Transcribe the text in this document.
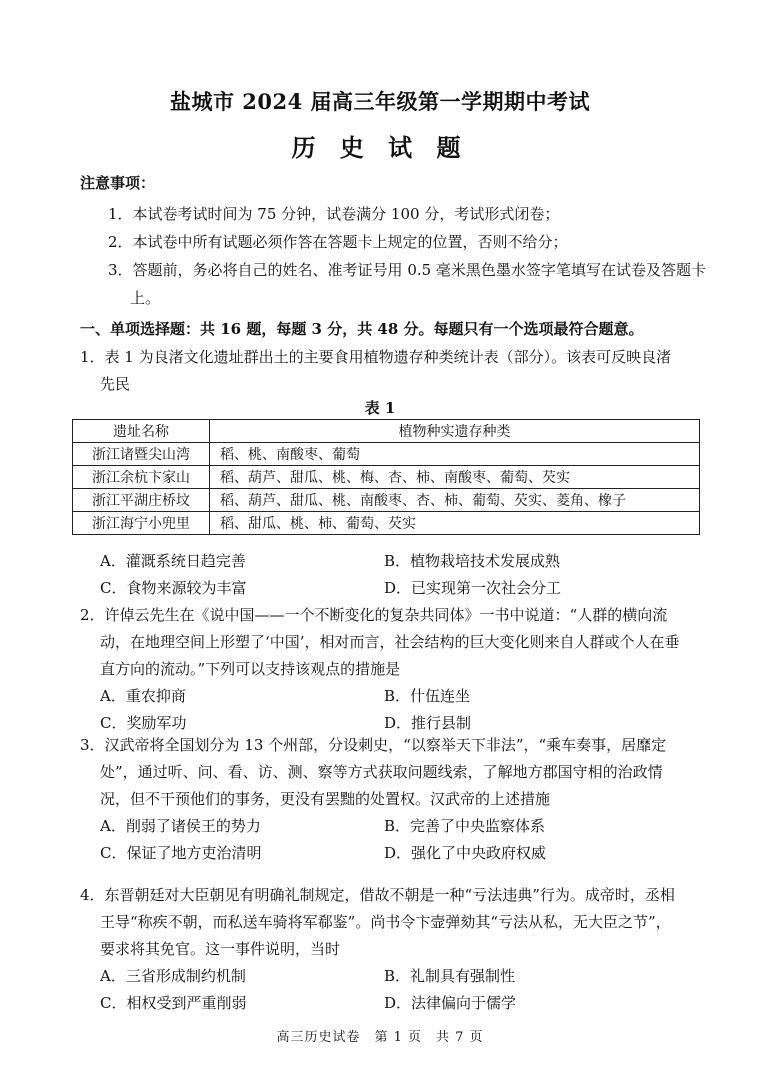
盐城市 2024 届高三年级第一学期期中考试
历 史 试 题
注意事项：
1．本试卷考试时间为 75 分钟，试卷满分 100 分，考试形式闭卷；
2．本试卷中所有试题必须作答在答题卡上规定的位置，否则不给分；
3．答题前，务必将自己的姓名、准考证号用 0.5 毫米黑色墨水签字笔填写在试卷及答题卡上。
一、单项选择题：共 16 题，每题 3 分，共 48 分。每题只有一个选项最符合题意。
1．表 1 为良渚文化遗址群出土的主要食用植物遗存种类统计表（部分）。该表可反映良渚先民
表 1
遗址名称	植物种实遗存种类
浙江诸暨尖山湾	稻、桃、南酸枣、葡萄
浙江余杭卞家山	稻、葫芦、甜瓜、桃、梅、杏、柿、南酸枣、葡萄、芡实
浙江平湖庄桥坟	稻、葫芦、甜瓜、桃、南酸枣、杏、柿、葡萄、芡实、菱角、橡子
浙江海宁小兜里	稻、甜瓜、桃、柿、葡萄、芡实
A．灌溉系统日趋完善	B．植物栽培技术发展成熟
C．食物来源较为丰富	D．已实现第一次社会分工
2．许倬云先生在《说中国——一个不断变化的复杂共同体》一书中说道：“人群的横向流动，在地理空间上形塑了‘中国’，相对而言，社会结构的巨大变化则来自人群或个人在垂直方向的流动。”下列可以支持该观点的措施是
A．重农抑商	B．什伍连坐
C．奖励军功	D．推行县制
3．汉武帝将全国划分为 13 个州部，分设刺史，“以察举天下非法”，“乘车奏事，居靡定处”，通过听、问、看、访、测、察等方式获取问题线索，了解地方郡国守相的治政情况，但不干预他们的事务，更没有罢黜的处置权。汉武帝的上述措施
A．削弱了诸侯王的势力	B．完善了中央监察体系
C．保证了地方吏治清明	D．强化了中央政府权威
4．东晋朝廷对大臣朝见有明确礼制规定，借故不朝是一种“亏法违典”行为。成帝时，丞相王导“称疾不朝，而私送车骑将军郗鉴”。尚书令卞壸弹劾其“亏法从私，无大臣之节”，要求将其免官。这一事件说明，当时
A．三省形成制约机制	B．礼制具有强制性
C．相权受到严重削弱	D．法律偏向于儒学
高三历史试卷　第 1 页　共 7 页
